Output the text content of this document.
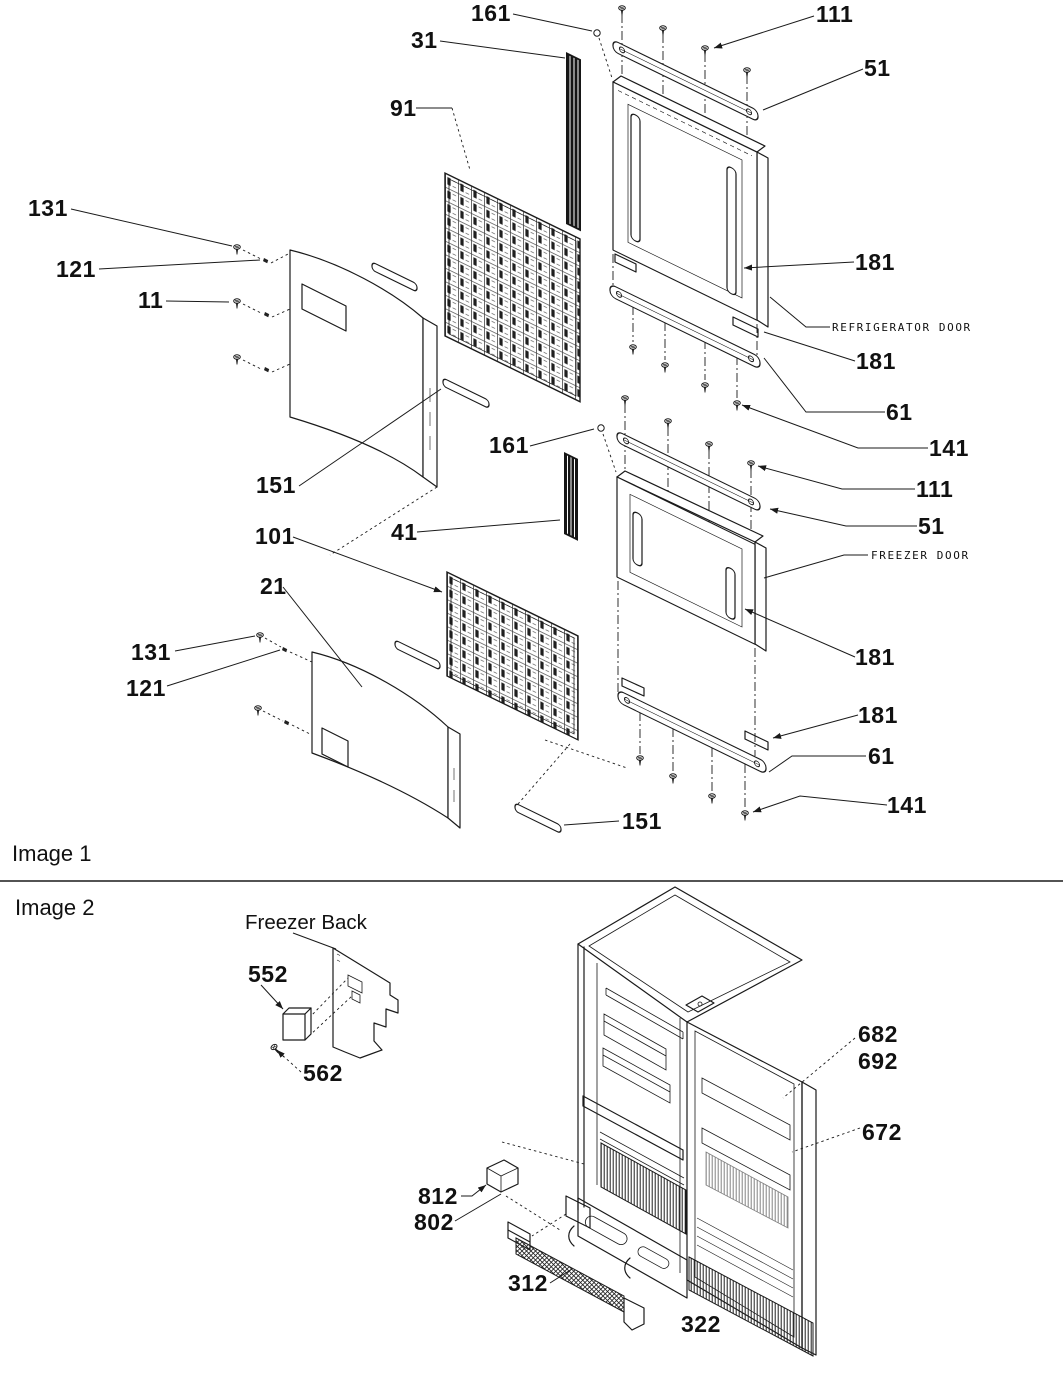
161
31
111
51
91
131
121
11
181
REFRIGERATOR DOOR
181
61
141
111
51
FREEZER DOOR
161
41
151
101
21
131
121
181
181
61
141
151
Image 1
Image 2
Freezer Back
552
562
682
692
672
812
802
312
322
